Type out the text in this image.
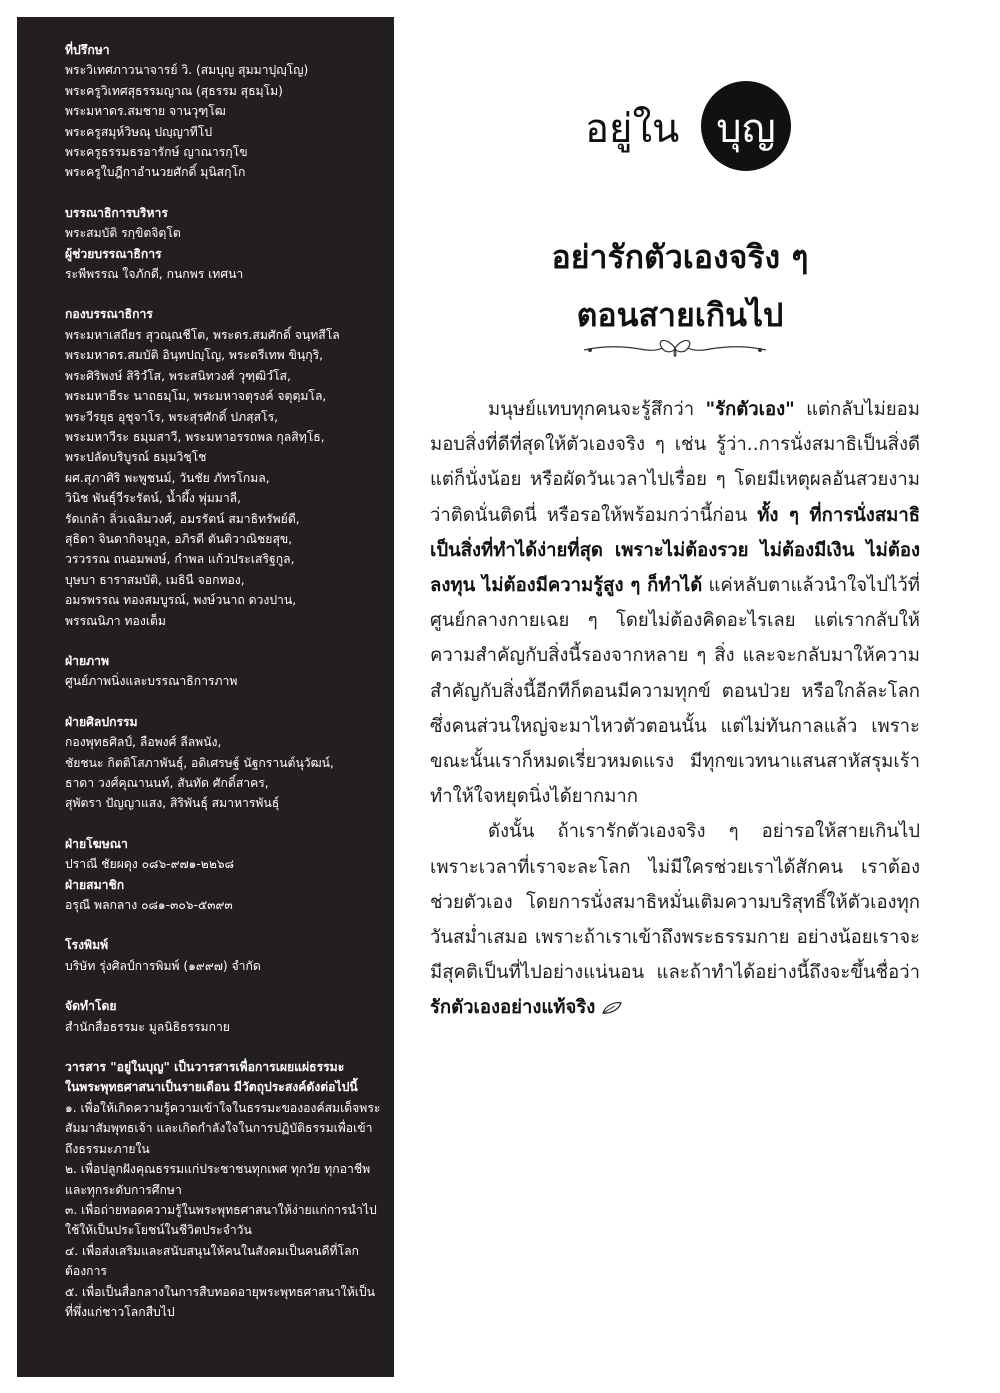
ที่ปรึกษา
พระวิเทศภาวนาจารย์ วิ. (สมบุญ สุมมาปุญฺโญ)
พระครูวิเทศสุธรรมญาณ (สุธรรม สุธมฺโม)
พระมหาดร.สมชาย จานวุฑฺโฒ
พระครูสมุห์วิษณุ ปญฺญาทีโป
พระครูธรรมธรอารักษ์ ญาณารกฺโข
พระครูใบฎีกาอำนวยศักดิ์ มุนิสกฺโก
บรรณาธิการบริหาร
พระสมบัติ รกฺขิตจิตฺโต
ผู้ช่วยบรรณาธิการ
ระพีพรรณ ใจภักดี, กนกพร เทศนา
กองบรรณาธิการ
พระมหาเสถียร สุวณฺณชีโต, พระดร.สมศักดิ์ จนฺทสีโล
พระมหาดร.สมบัติ อินฺทปญฺโญ, พระตรีเทพ ขินฺกุริ,
พระศิริพงษ์ สิริวํโส, พระสนิทวงศ์ วุฑฺฒิวํโส,
พระมหาธีระ นาถธมฺโม, พระมหาจตุรงค์ จตุตฺมโล,
พระวีรยุธ อุชุจาโร, พระสุรศักดิ์ ปภสฺสโร,
พระมหาวีระ ธมฺมสาวี, พระมหาอรรถพล กุลสิทฺโธ,
พระปลัดบริบูรณ์ ธมฺมวิชฺโช
ผศ.สุภาศิริ พะพูชนม์, วันชัย ภัทรโกมล,
วินิช พันธุ์วีระรัตน์, น้ำผึ้ง พุ่มมาลี,
รัดเกล้า ลิ่วเฉลิมวงศ์, อมรรัตน์ สมาธิทรัพย์ดี,
สุธิดา จินดากิจนุกูล, อภิรดี ตันติวาณิชยสุข,
วรวรรณ ถนอมพงษ์, กำพล แก้วประเสริฐกูล,
บุษบา ธาราสมบัติ, เมธินี จอกทอง,
อมรพรรณ ทองสมบูรณ์, พงษ์วนาถ ดวงปาน,
พรรณนิภา ทองเต็ม
ฝ่ายภาพ
ศูนย์ภาพนิ่งและบรรณาธิการภาพ
ฝ่ายศิลปกรรม
กองพุทธศิลป์, ลือพงศ์ ลีลพนัง,
ชัยชนะ กิตติโสภาพันธุ์, อดิเศรษฐ์ นัฐกรานต์นุวัฒน์,
ธาดา วงศ์คุณานนท์, สันทัด ศักดิ์สาคร,
สุพัตรา ปัญญาแสง, สิริพันธุ์ สมาหารพันธุ์
ฝ่ายโฆษณา
ปราณี ชัยผดุง ๐๘๖-๙๗๑-๒๒๖๘
ฝ่ายสมาชิก
อรุณี พลกลาง ๐๘๑-๓๐๖-๕๓๙๓
โรงพิมพ์
บริษัท รุ่งศิลป์การพิมพ์ (๑๙๙๗) จำกัด
จัดทำโดย
สำนักสื่อธรรมะ มูลนิธิธรรมกาย
วารสาร "อยู่ในบุญ" เป็นวารสารเพื่อการเผยแผ่ธรรมะ
ในพระพุทธศาสนาเป็นรายเดือน มีวัตถุประสงค์ดังต่อไปนี้
๑. เพื่อให้เกิดความรู้ความเข้าใจในธรรมะขององค์สมเด็จพระสัมมาสัมพุทธเจ้า และเกิดกำลังใจในการปฏิบัติธรรมเพื่อเข้าถึงธรรมะภายใน
๒. เพื่อปลูกฝังคุณธรรมแก่ประชาชนทุกเพศ ทุกวัย ทุกอาชีพ และทุกระดับการศึกษา
๓. เพื่อถ่ายทอดความรู้ในพระพุทธศาสนาให้ง่ายแก่การนำไปใช้ให้เป็นประโยชน์ในชีวิตประจำวัน
๔. เพื่อส่งเสริมและสนับสนุนให้คนในสังคมเป็นคนดีที่โลกต้องการ
๕. เพื่อเป็นสื่อกลางในการสืบทอดอายุพระพุทธศาสนาให้เป็นที่พึ่งแก่ชาวโลกสืบไป
อยู่ใน บุญ
อย่ารักตัวเองจริง ๆ
ตอนสายเกินไป

มนุษย์แทบทุกคนจะรู้สึกว่า "รักตัวเอง" แต่กลับไม่ยอมมอบสิ่งที่ดีที่สุดให้ตัวเองจริง ๆ เช่น รู้ว่า..การนั่งสมาธิเป็นสิ่งดี แต่ก็นั่งน้อย หรือผัดวันเวลาไปเรื่อย ๆ โดยมีเหตุผลอันสวยงามว่าติดนั่นติดนี่ หรือรอให้พร้อมกว่านี้ก่อน ทั้ง ๆ ที่การนั่งสมาธิเป็นสิ่งที่ทำได้ง่ายที่สุด เพราะไม่ต้องรวย ไม่ต้องมีเงิน ไม่ต้องลงทุน ไม่ต้องมีความรู้สูง ๆ ก็ทำได้ แค่หลับตาแล้วนำใจไปไว้ที่ศูนย์กลางกายเฉย ๆ โดยไม่ต้องคิดอะไรเลย แต่เรากลับให้ความสำคัญกับสิ่งนี้รองจากหลาย ๆ สิ่ง และจะกลับมาให้ความสำคัญกับสิ่งนี้อีกทีก็ตอนมีความทุกข์ ตอนป่วย หรือใกล้ละโลก ซึ่งคนส่วนใหญ่จะมาไหวตัวตอนนั้น แต่ไม่ทันกาลแล้ว เพราะขณะนั้นเราก็หมดเรี่ยวหมดแรง มีทุกขเวทนาแสนสาหัสรุมเร้า ทำให้ใจหยุดนิ่งได้ยากมาก

ดังนั้น ถ้าเรารักตัวเองจริง ๆ อย่ารอให้สายเกินไป เพราะเวลาที่เราจะละโลก ไม่มีใครช่วยเราได้สักคน เราต้องช่วยตัวเอง โดยการนั่งสมาธิหมั่นเติมความบริสุทธิ์ให้ตัวเองทุกวันสม่ำเสมอ เพราะถ้าเราเข้าถึงพระธรรมกาย อย่างน้อยเราจะมีสุคติเป็นที่ไปอย่างแน่นอน และถ้าทำได้อย่างนี้ถึงจะขึ้นชื่อว่า รักตัวเองอย่างแท้จริง
